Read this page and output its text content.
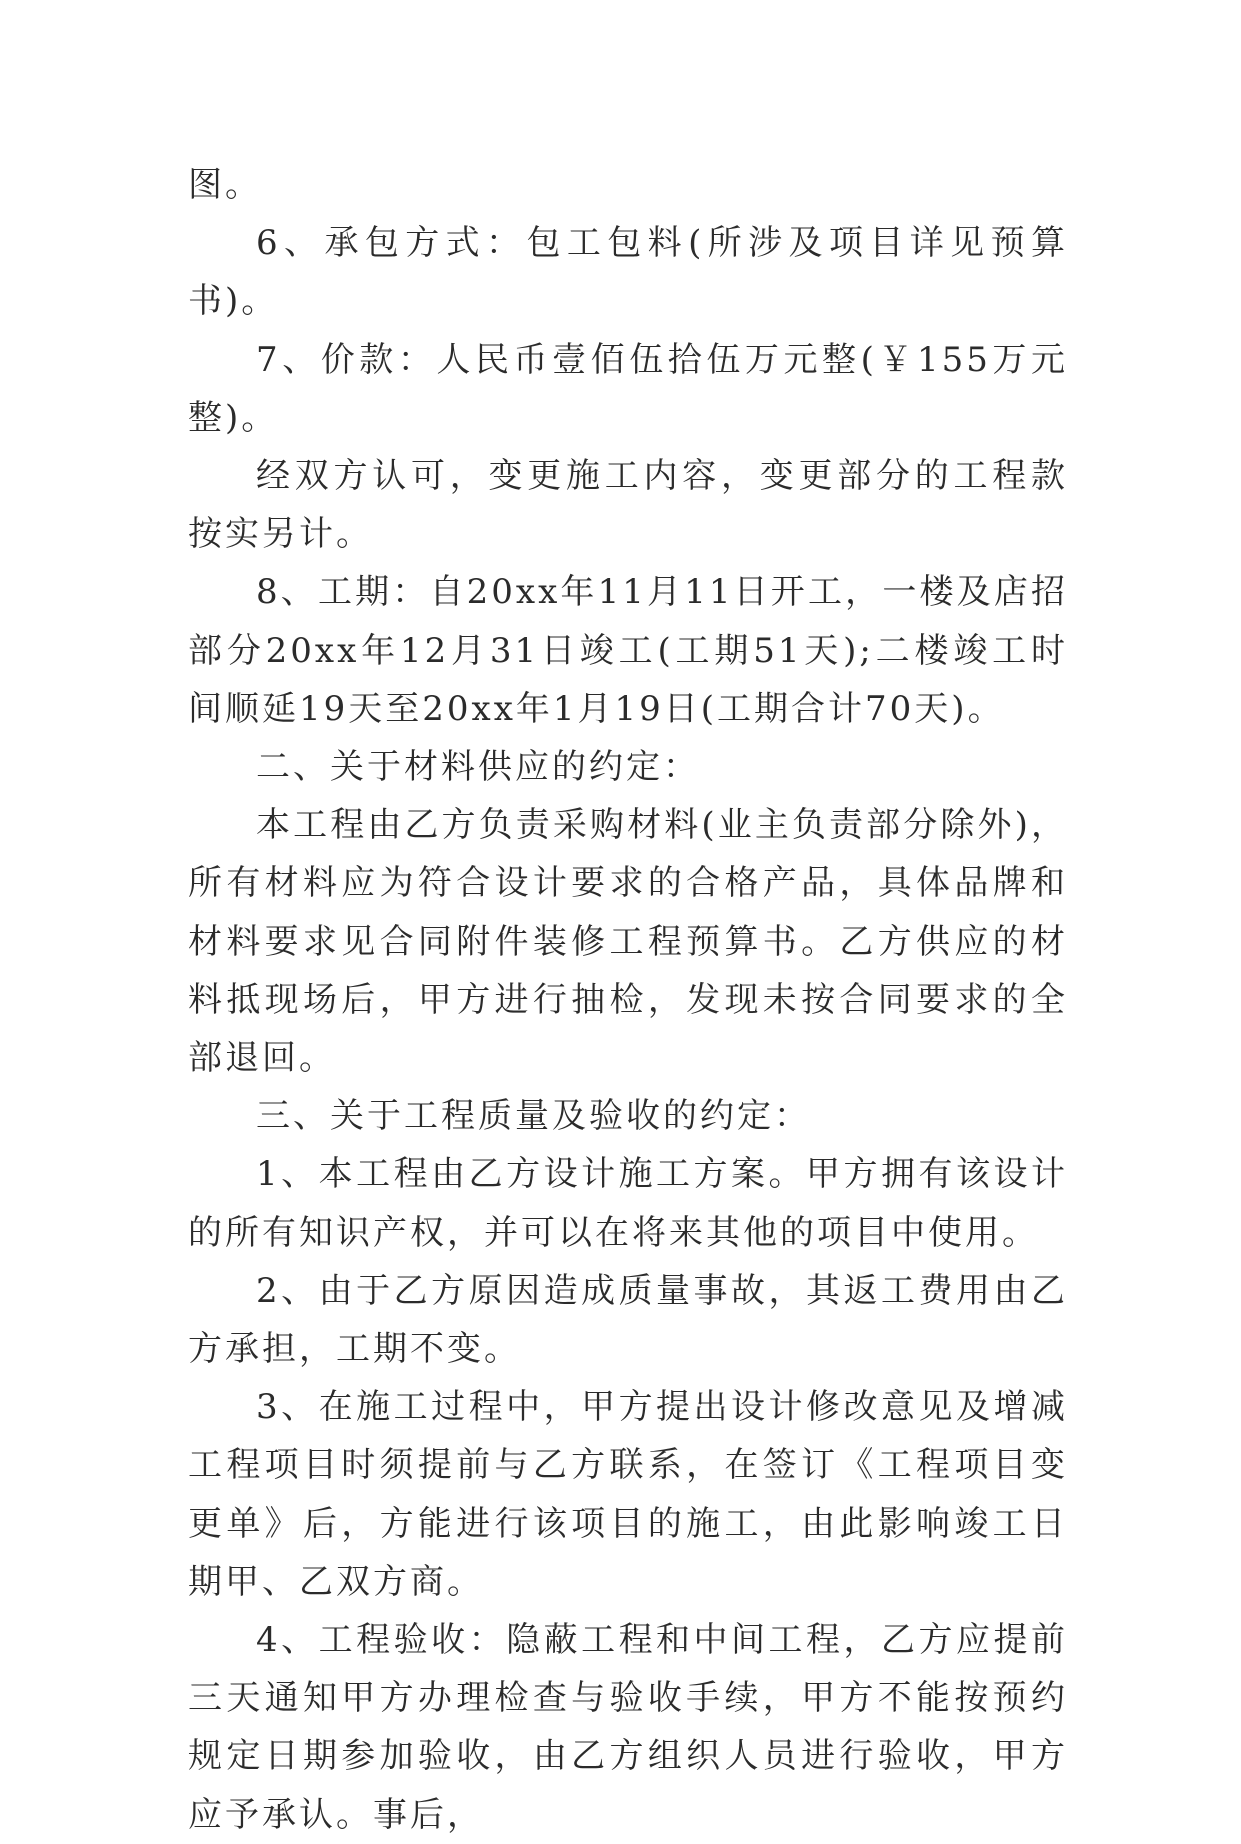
图。

6、承包方式：包工包料(所涉及项目详见预算书)。

7、价款：人民币壹佰伍拾伍万元整(￥155万元整)。

经双方认可，变更施工内容，变更部分的工程款按实另计。

8、工期：自20xx年11月11日开工，一楼及店招部分20xx年12月31日竣工(工期51天);二楼竣工时间顺延19天至20xx年1月19日(工期合计70天)。

二、关于材料供应的约定：

本工程由乙方负责采购材料(业主负责部分除外)，所有材料应为符合设计要求的合格产品，具体品牌和材料要求见合同附件装修工程预算书。乙方供应的材料抵现场后，甲方进行抽检，发现未按合同要求的全部退回。

三、关于工程质量及验收的约定：

1、本工程由乙方设计施工方案。甲方拥有该设计的所有知识产权，并可以在将来其他的项目中使用。

2、由于乙方原因造成质量事故，其返工费用由乙方承担，工期不变。

3、在施工过程中，甲方提出设计修改意见及增减工程项目时须提前与乙方联系，在签订《工程项目变更单》后，方能进行该项目的施工，由此影响竣工日期甲、乙双方商。

4、工程验收：隐蔽工程和中间工程，乙方应提前三天通知甲方办理检查与验收手续，甲方不能按预约规定日期参加验收，由乙方组织人员进行验收，甲方应予承认。事后，
